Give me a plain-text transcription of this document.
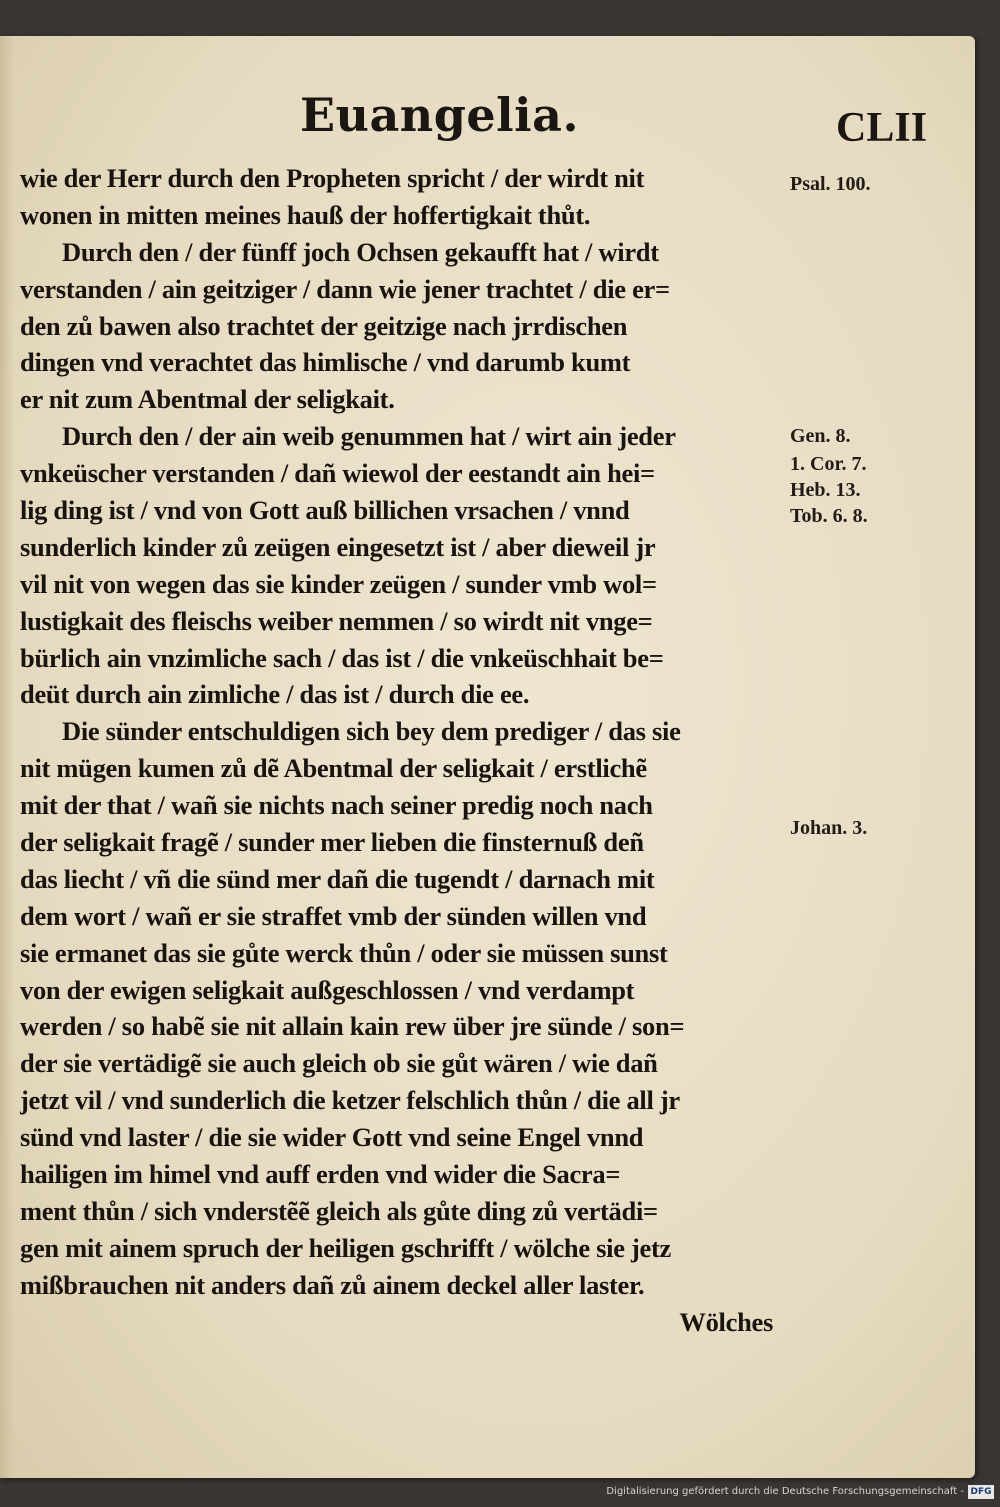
Euangelia.	CLII
wie der Herr durch den Propheten spricht / der wirdt nit
wonen in mitten meines hauß der hoffertigkait thůt.
Durch den / der fünff joch Ochsen gekaufft hat / wirdt
verstanden / ain geitziger / dann wie jener trachtet / die er=
den zů bawen also trachtet der geitzige nach jrrdischen
dingen vnd verachtet das himlische / vnd darumb kumt
er nit zum Abentmal der seligkait.
Durch den / der ain weib genummen hat / wirt ain jeder
vnkeüscher verstanden / dañ wiewol der eestandt ain hei=
lig ding ist / vnd von Gott auß billichen vrsachen / vnnd
sunderlich kinder zů zeügen eingesetzt ist / aber dieweil jr
vil nit von wegen das sie kinder zeügen / sunder vmb wol=
lustigkait des fleischs weiber nemmen / so wirdt nit vnge=
bürlich ain vnzimliche sach / das ist / die vnkeüschhait be=
deüt durch ain zimliche / das ist / durch die ee.
Die sünder entschuldigen sich bey dem prediger / das sie
nit mügen kumen zů dẽ Abentmal der seligkait / erstlichẽ
mit der that / wañ sie nichts nach seiner predig noch nach
der seligkait fragẽ / sunder mer lieben die finsternuß deñ
das liecht / vñ die sünd mer dañ die tugendt / darnach mit
dem wort / wañ er sie straffet vmb der sünden willen vnd
sie ermanet das sie gůte werck thůn / oder sie müssen sunst
von der ewigen seligkait außgeschlossen / vnd verdampt
werden / so habẽ sie nit allain kain rew über jre sünde / son=
der sie vertädigẽ sie auch gleich ob sie gůt wären / wie dañ
jetzt vil / vnd sunderlich die ketzer felschlich thůn / die all jr
sünd vnd laster / die sie wider Gott vnd seine Engel vnnd
hailigen im himel vnd auff erden vnd wider die Sacra=
ment thůn / sich vnderstẽẽ gleich als gůte ding zů vertädi=
gen mit ainem spruch der heiligen gschrifft / wölche sie jetz
mißbrauchen nit anders dañ zů ainem deckel aller laster.
Wölches
Psal. 100.
Gen. 8.
1. Cor. 7.
Heb. 13.
Tob. 6. 8.
Johan. 3.
Digitalisierung gefördert durch die Deutsche Forschungsgemeinschaft - DFG
